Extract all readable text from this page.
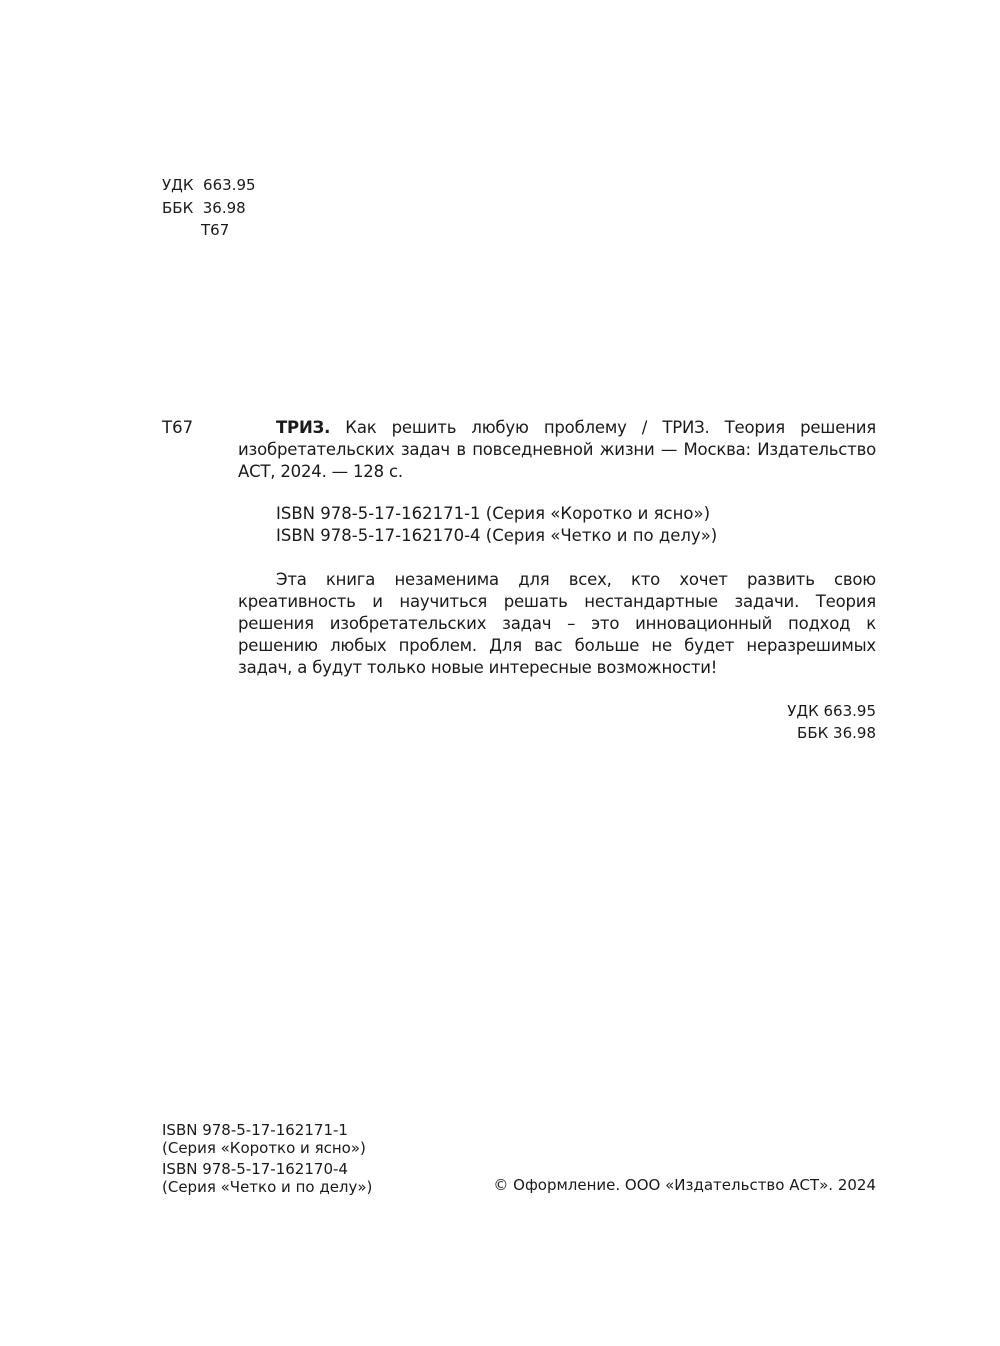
УДК  663.95
ББК  36.98
Т67
Т67	ТРИЗ. Как решить любую проблему / ТРИЗ. Теория решения изобретательских задач в повседневной жизни — Москва: Издательство АСТ, 2024. — 128 с.
ISBN 978-5-17-162171-1 (Серия «Коротко и ясно»)
ISBN 978-5-17-162170-4 (Серия «Четко и по делу»)
Эта книга незаменима для всех, кто хочет развить свою креативность и научиться решать нестандартные задачи. Теория решения изобретательских задач – это инновационный подход к решению любых проблем. Для вас больше не будет неразрешимых задач, а будут только новые интересные возможности!
УДК 663.95
ББК 36.98
ISBN 978-5-17-162171-1
(Серия «Коротко и ясно»)
ISBN 978-5-17-162170-4
(Серия «Четко и по делу»)	© Оформление. ООО «Издательство АСТ». 2024
